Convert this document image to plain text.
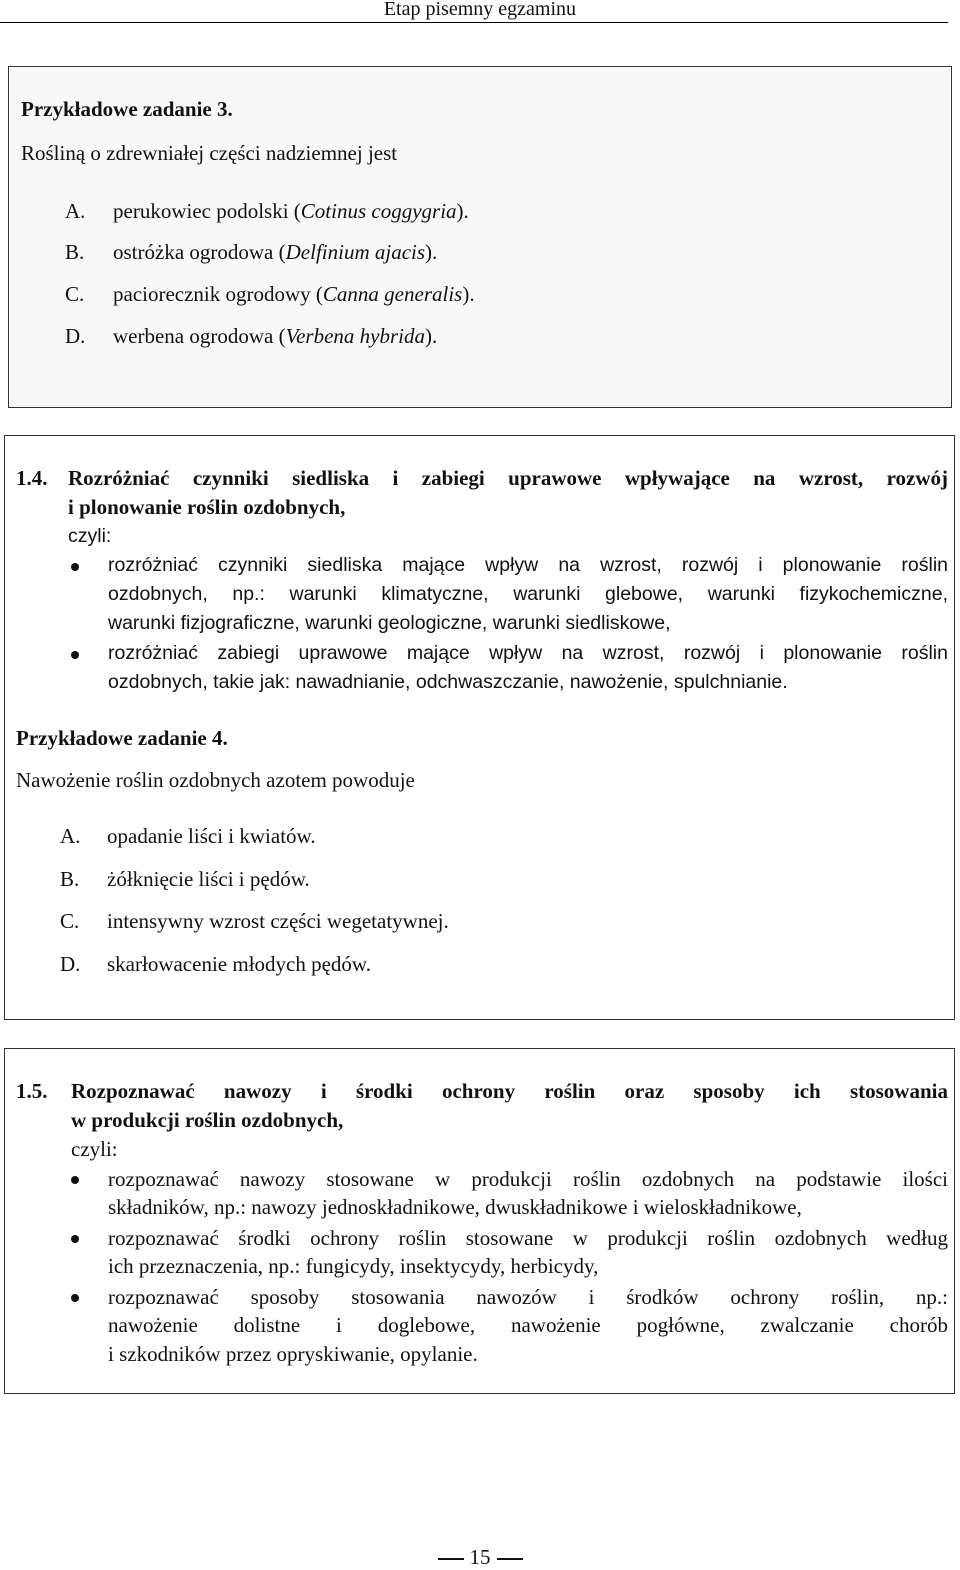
Etap pisemny egzaminu
Przykładowe zadanie 3.
Rośliną o zdrewniałej części nadziemnej jest
A. perukowiec podolski (Cotinus coggygria).
B. ostróżka ogrodowa (Delfinium ajacis).
C. paciorecznik ogrodowy (Canna generalis).
D. werbena ogrodowa (Verbena hybrida).
1.4. Rozróżniać czynniki siedliska i zabiegi uprawowe wpływające na wzrost, rozwój
i plonowanie roślin ozdobnych,
czyli:
rozróżniać czynniki siedliska mające wpływ na wzrost, rozwój i plonowanie roślin
ozdobnych, np.: warunki klimatyczne, warunki glebowe, warunki fizykochemiczne,
warunki fizjograficzne, warunki geologiczne, warunki siedliskowe,
rozróżniać zabiegi uprawowe mające wpływ na wzrost, rozwój i plonowanie roślin
ozdobnych, takie jak: nawadnianie, odchwaszczanie, nawożenie, spulchnianie.
Przykładowe zadanie 4.
Nawożenie roślin ozdobnych azotem powoduje
A. opadanie liści i kwiatów.
B. żółknięcie liści i pędów.
C. intensywny wzrost części wegetatywnej.
D. skarłowacenie młodych pędów.
1.5. Rozpoznawać nawozy i środki ochrony roślin oraz sposoby ich stosowania
w produkcji roślin ozdobnych,
czyli:
rozpoznawać nawozy stosowane w produkcji roślin ozdobnych na podstawie ilości
składników, np.: nawozy jednoskładnikowe, dwuskładnikowe i wieloskładnikowe,
rozpoznawać środki ochrony roślin stosowane w produkcji roślin ozdobnych według
ich przeznaczenia, np.: fungicydy, insektycydy, herbicydy,
rozpoznawać sposoby stosowania nawozów i środków ochrony roślin, np.:
nawożenie dolistne i doglebowe, nawożenie pogłówne, zwalczanie chorób
i szkodników przez opryskiwanie, opylanie.
15
